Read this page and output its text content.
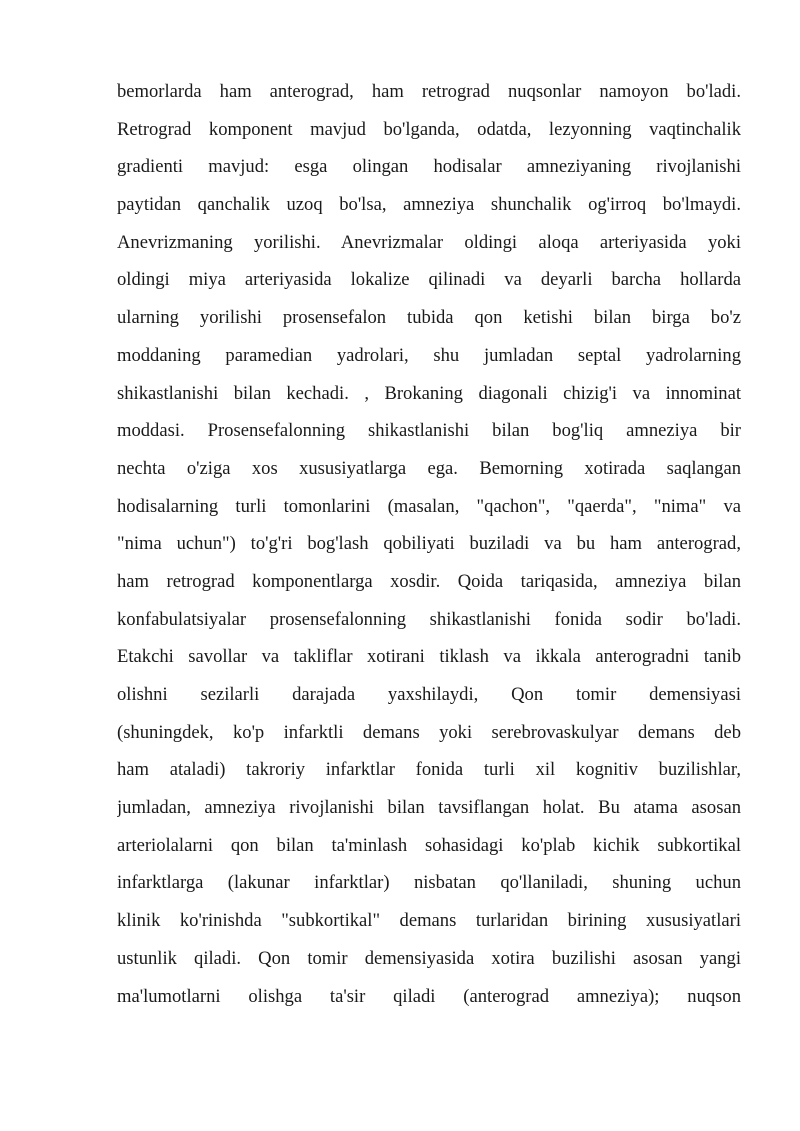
bemorlarda ham anterograd, ham retrograd nuqsonlar namoyon bo'ladi.
Retrograd komponent mavjud bo'lganda, odatda, lezyonning vaqtinchalik
gradienti mavjud: esga olingan hodisalar amneziyaning rivojlanishi
paytidan qanchalik uzoq bo'lsa, amneziya shunchalik og'irroq bo'lmaydi.
Anevrizmaning yorilishi. Anevrizmalar oldingi aloqa arteriyasida yoki
oldingi miya arteriyasida lokalize qilinadi va deyarli barcha hollarda
ularning yorilishi prosensefalon tubida qon ketishi bilan birga bo'z
moddaning paramedian yadrolari, shu jumladan septal yadrolarning
shikastlanishi bilan kechadi. , Brokaning diagonali chizig'i va innominat
moddasi. Prosensefalonning shikastlanishi bilan bog'liq amneziya bir
nechta o'ziga xos xususiyatlarga ega. Bemorning xotirada saqlangan
hodisalarning turli tomonlarini (masalan, "qachon", "qaerda", "nima" va
"nima uchun") to'g'ri bog'lash qobiliyati buziladi va bu ham anterograd,
ham retrograd komponentlarga xosdir. Qoida tariqasida, amneziya bilan
konfabulatsiyalar prosensefalonning shikastlanishi fonida sodir bo'ladi.
Etakchi savollar va takliflar xotirani tiklash va ikkala anterogradni tanib
olishni sezilarli darajada yaxshilaydi, Qon tomir demensiyasi
(shuningdek, ko'p infarktli demans yoki serebrovaskulyar demans deb
ham ataladi) takroriy infarktlar fonida turli xil kognitiv buzilishlar,
jumladan, amneziya rivojlanishi bilan tavsiflangan holat. Bu atama asosan
arteriolalarni qon bilan ta'minlash sohasidagi ko'plab kichik subkortikal
infarktlarga (lakunar infarktlar) nisbatan qo'llaniladi, shuning uchun
klinik ko'rinishda "subkortikal" demans turlaridan birining xususiyatlari
ustunlik qiladi. Qon tomir demensiyasida xotira buzilishi asosan yangi
ma'lumotlarni olishga ta'sir qiladi (anterograd amneziya); nuqson
